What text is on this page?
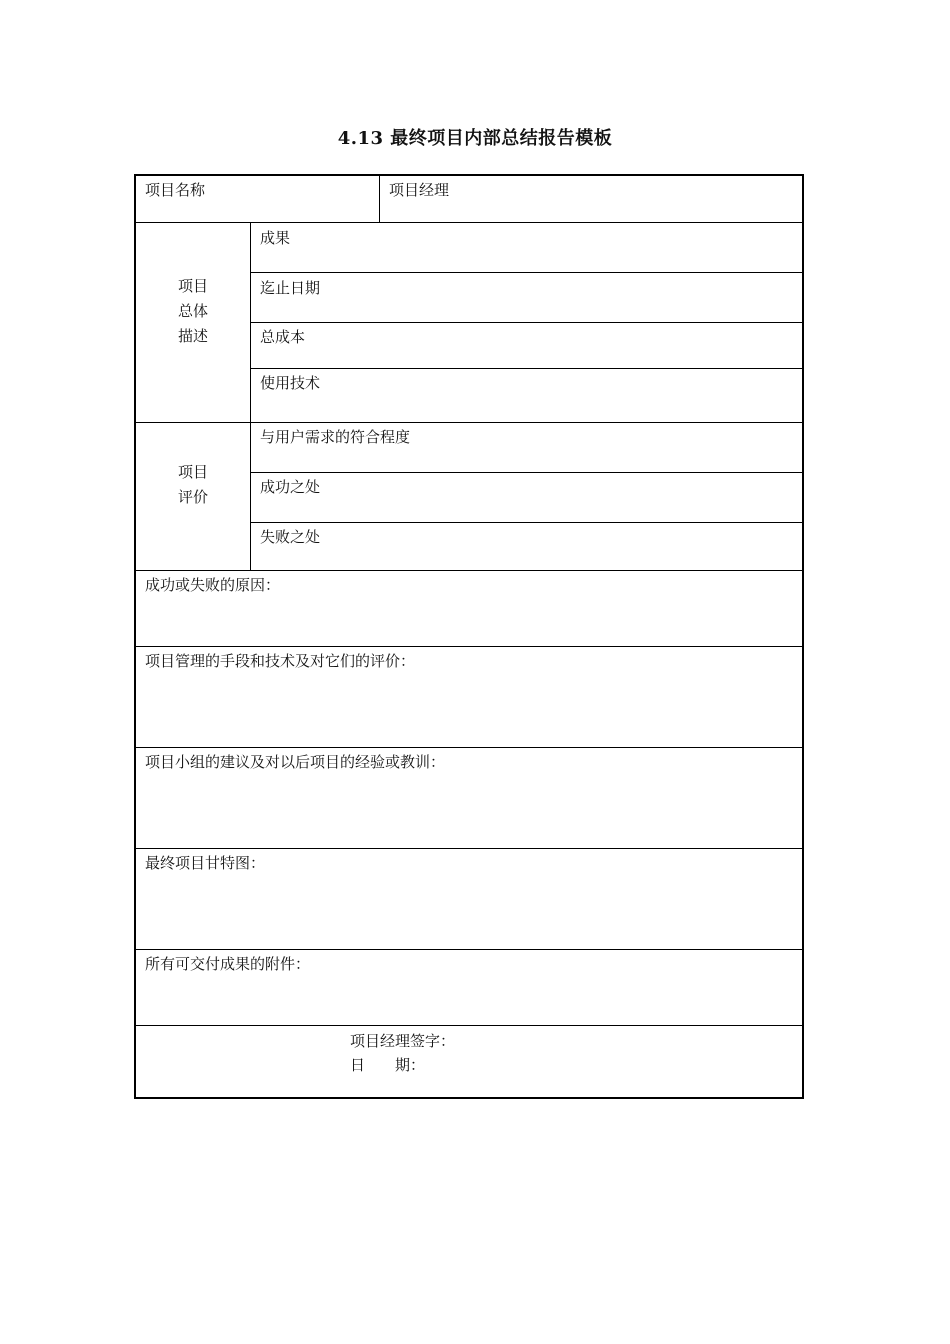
4.13 最终项目内部总结报告模板
项目名称	项目经理
项目
总体
描述
成果
迄止日期
总成本
使用技术
项目
评价
与用户需求的符合程度
成功之处
失败之处
成功或失败的原因：
项目管理的手段和技术及对它们的评价：
项目小组的建议及对以后项目的经验或教训：
最终项目甘特图：
所有可交付成果的附件：
项目经理签字：
日　　期：
